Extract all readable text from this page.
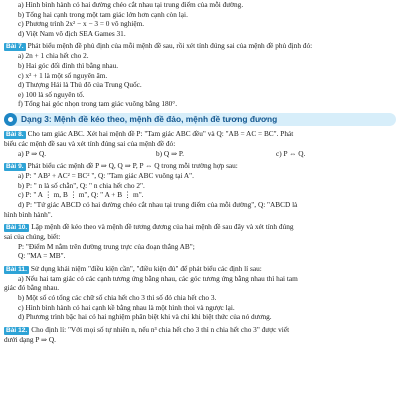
a) Hình bình hành có hai đường chéo cắt nhau tại trung điểm của mỗi đường.
b) Tổng hai cạnh trong một tam giác lớn hơn cạnh còn lại.
c) Phương trình 2x² − x − 3 = 0 vô nghiệm.
d) Việt Nam vô địch SEA Games 31.
Bài 7. Phát biểu mệnh đề phủ định của mỗi mệnh đề sau, rồi xét tính đúng sai của mệnh đề phủ định đó:
a) 2n + 1 chia hết cho 2.
b) Hai góc đối đỉnh thì bằng nhau.
c) x² + 1 là một số nguyên âm.
d) Thượng Hải là Thủ đô của Trung Quốc.
e) 100 là số nguyên tố.
f) Tổng hai góc nhọn trong tam giác vuông bằng 180°.
Dạng 3: Mệnh đề kéo theo, mệnh đề đảo, mệnh đề tương đương
Bài 8. Cho tam giác ABC. Xét hai mệnh đề P: "Tam giác ABC đều" và Q: "AB = AC = BC". Phát
biểu các mệnh đề sau và xét tính đúng sai của mệnh đề đó:
a) P ⇒ Q.	b) Q ⇒ P.	c) P ⇔ Q.
Bài 9. Phát biểu các mệnh đề P ⇒ Q, Q ⇒ P, P ⇔ Q trong mỗi trường hợp sau:
a) P: " AB² + AC² = BC² ", Q: "Tam giác ABC vuông tại A".
b) P: " n là số chẵn", Q: " n chia hết cho 2".
c) P: " A ⋮ m, B ⋮ m", Q: " A + B ⋮ m".
d) P: "Tứ giác ABCD có hai đường chéo cắt nhau tại trung điểm của mỗi đường", Q: "ABCD là
hình bình hành".
Bài 10. Lập mệnh đề kéo theo và mệnh đề tương đương của hai mệnh đề sau đây và xét tính đúng
sai của chúng, biết:
P: "Điểm M nằm trên đường trung trực của đoạn thẳng AB";
Q: "MA = MB".
Bài 11. Sử dụng khái niệm "điều kiện cần", "điều kiện đủ" để phát biểu các định lí sau:
a) Nếu hai tam giác có các cạnh tương ứng bằng nhau, các góc tương ứng bằng nhau thì hai tam
giác đó bằng nhau.
b) Một số có tổng các chữ số chia hết cho 3 thì số đó chia hết cho 3.
c) Hình bình hành có hai cạnh kề bằng nhau là một hình thoi và ngược lại.
d) Phương trình bậc hai có hai nghiệm phân biệt khi và chỉ khi biệt thức của nó dương.
Bài 12. Cho định lí: "Với mọi số tự nhiên n, nếu n³ chia hết cho 3 thì n chia hết cho 3" được viết
dưới dạng P ⇒ Q.
